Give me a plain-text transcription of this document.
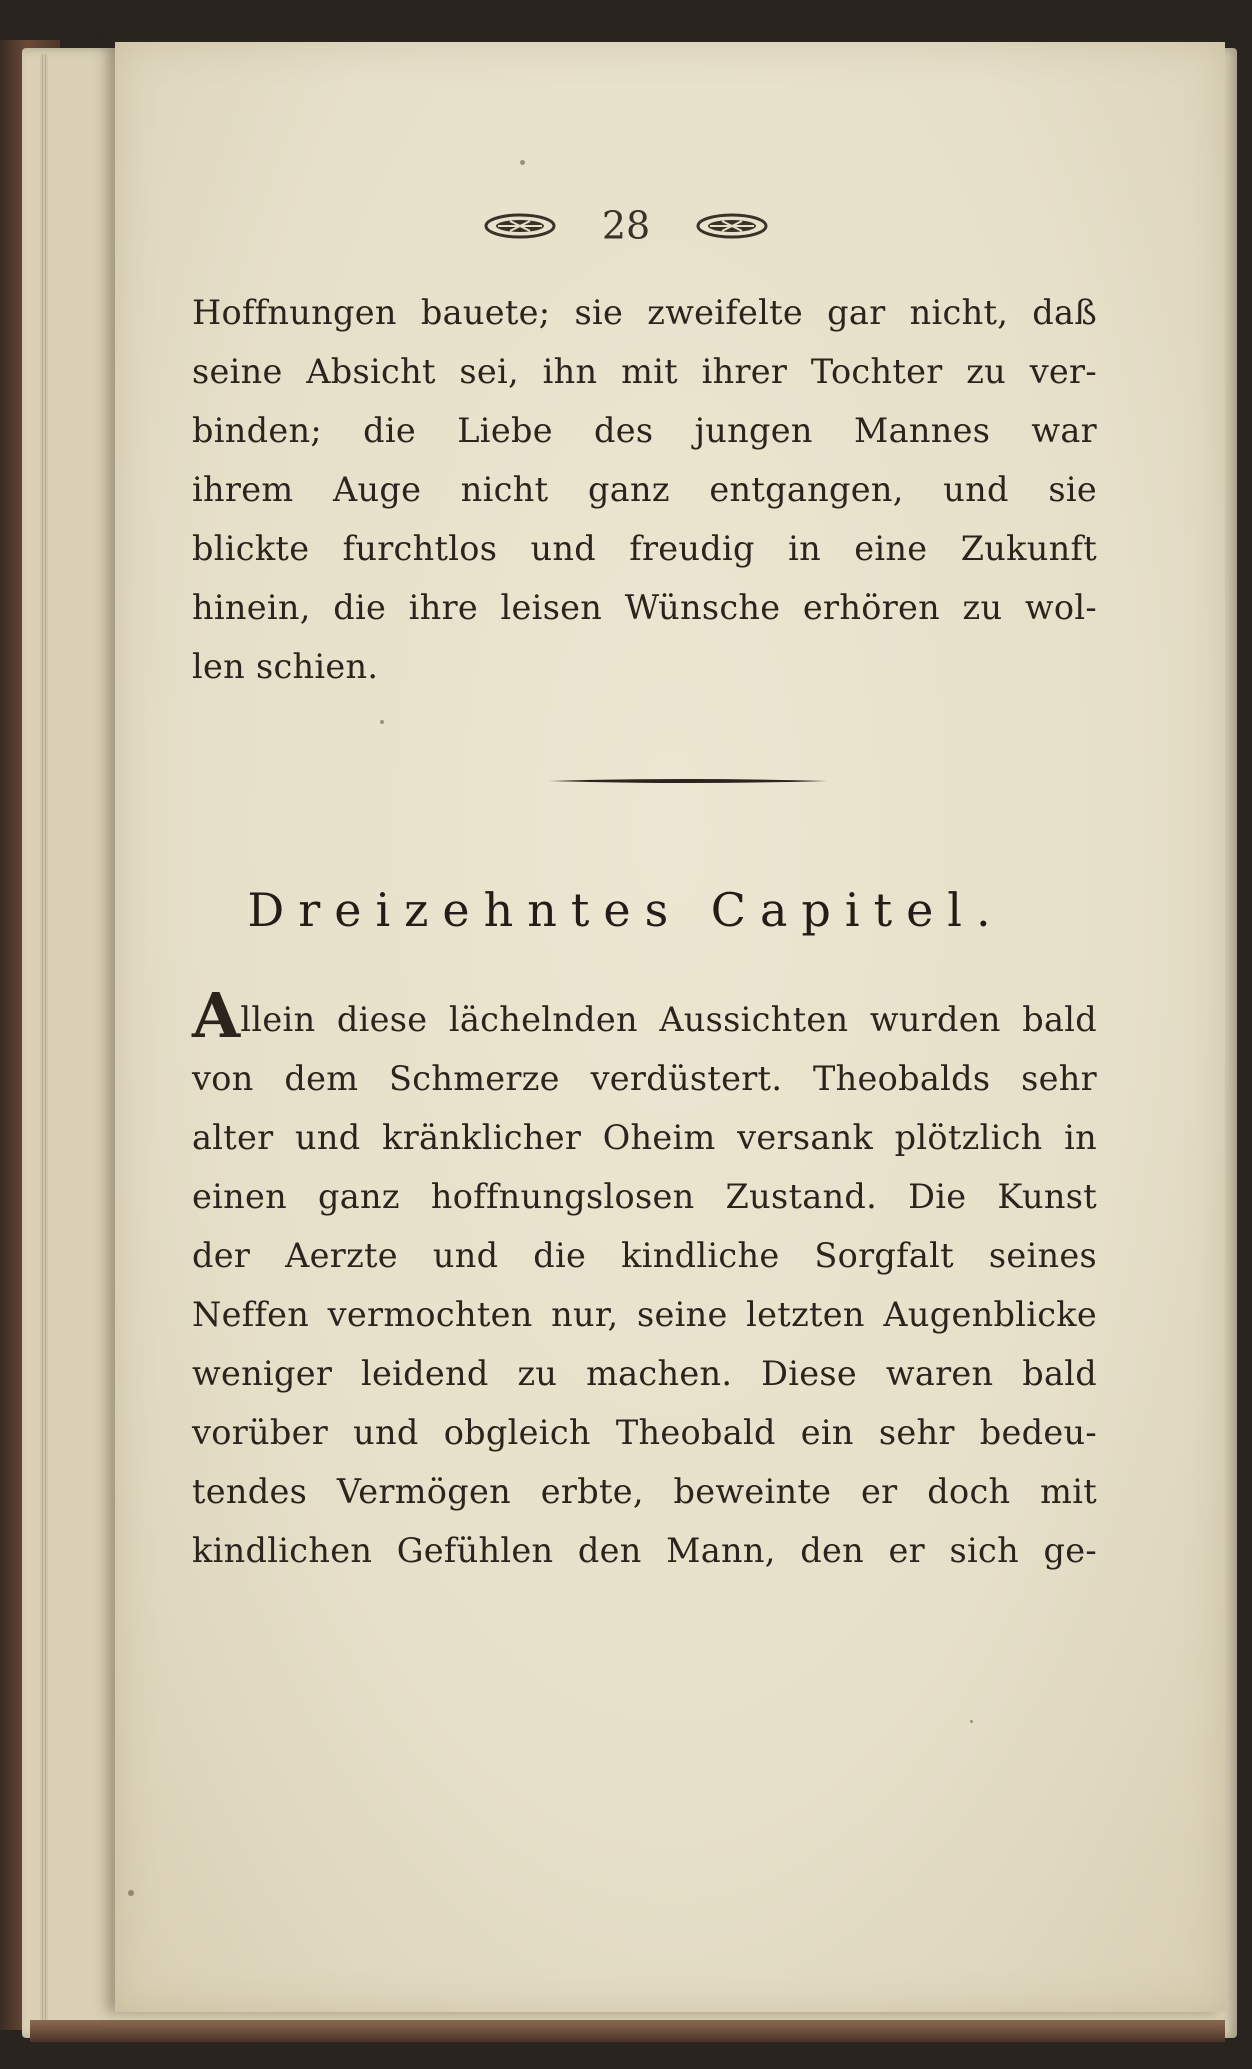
28
Hoffnungen bauete; sie zweifelte gar nicht, daß
seine Absicht sei, ihn mit ihrer Tochter zu ver-
binden; die Liebe des jungen Mannes war
ihrem Auge nicht ganz entgangen, und sie
blickte furchtlos und freudig in eine Zukunft
hinein, die ihre leisen Wünsche erhören zu wol-
len schien.
Dreizehntes Capitel.
Allein diese lächelnden Aussichten wurden bald
von dem Schmerze verdüstert. Theobalds sehr
alter und kränklicher Oheim versank plötzlich in
einen ganz hoffnungslosen Zustand. Die Kunst
der Aerzte und die kindliche Sorgfalt seines
Neffen vermochten nur, seine letzten Augenblicke
weniger leidend zu machen. Diese waren bald
vorüber und obgleich Theobald ein sehr bedeu-
tendes Vermögen erbte, beweinte er doch mit
kindlichen Gefühlen den Mann, den er sich ge-
